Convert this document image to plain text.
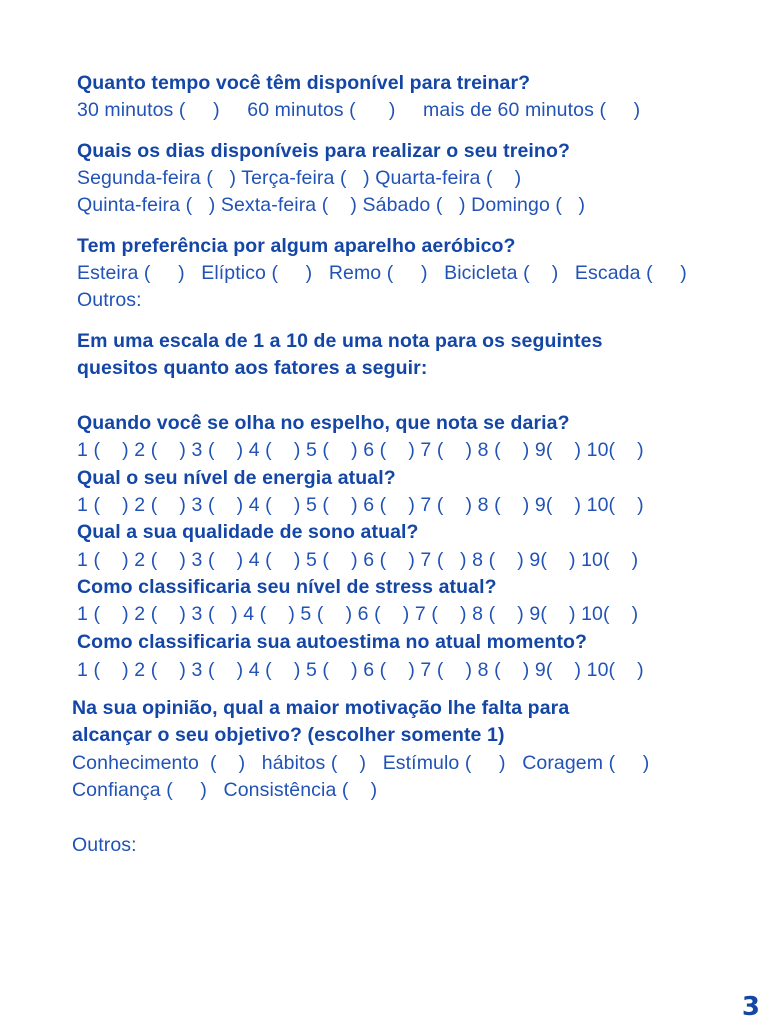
Quanto tempo você têm disponível para treinar?
30 minutos (     )     60 minutos (      )     mais de 60 minutos (     )
Quais os dias disponíveis para realizar o seu treino?
Segunda-feira (   ) Terça-feira (   ) Quarta-feira (    )
Quinta-feira (   ) Sexta-feira (    ) Sábado (   ) Domingo (   )
Tem preferência por algum aparelho aeróbico?
Esteira (     )   Elíptico (     )   Remo (     )   Bicicleta (    )   Escada (     )
Outros:
Em uma escala de 1 a 10 de uma nota para os seguintes
quesitos quanto aos fatores a seguir:
Quando você se olha no espelho, que nota se daria?
1 (    ) 2 (    ) 3 (    ) 4 (    ) 5 (    ) 6 (    ) 7 (    ) 8 (    ) 9(    ) 10(    )
Qual o seu nível de energia atual?
1 (    ) 2 (    ) 3 (    ) 4 (    ) 5 (    ) 6 (    ) 7 (    ) 8 (    ) 9(    ) 10(    )
Qual a sua qualidade de sono atual?
1 (    ) 2 (    ) 3 (    ) 4 (    ) 5 (    ) 6 (    ) 7 (   ) 8 (    ) 9(    ) 10(    )
Como classificaria seu nível de stress atual?
1 (    ) 2 (    ) 3 (   ) 4 (    ) 5 (    ) 6 (    ) 7 (    ) 8 (    ) 9(    ) 10(    )
Como classificaria sua autoestima no atual momento?
1 (    ) 2 (    ) 3 (    ) 4 (    ) 5 (    ) 6 (    ) 7 (    ) 8 (    ) 9(    ) 10(    )
Na sua opinião, qual a maior motivação lhe falta para
alcançar o seu objetivo? (escolher somente 1)
Conhecimento  (    )   hábitos (    )   Estímulo (     )   Coragem (     )
Confiança (     )   Consistência (    )
Outros:
3
